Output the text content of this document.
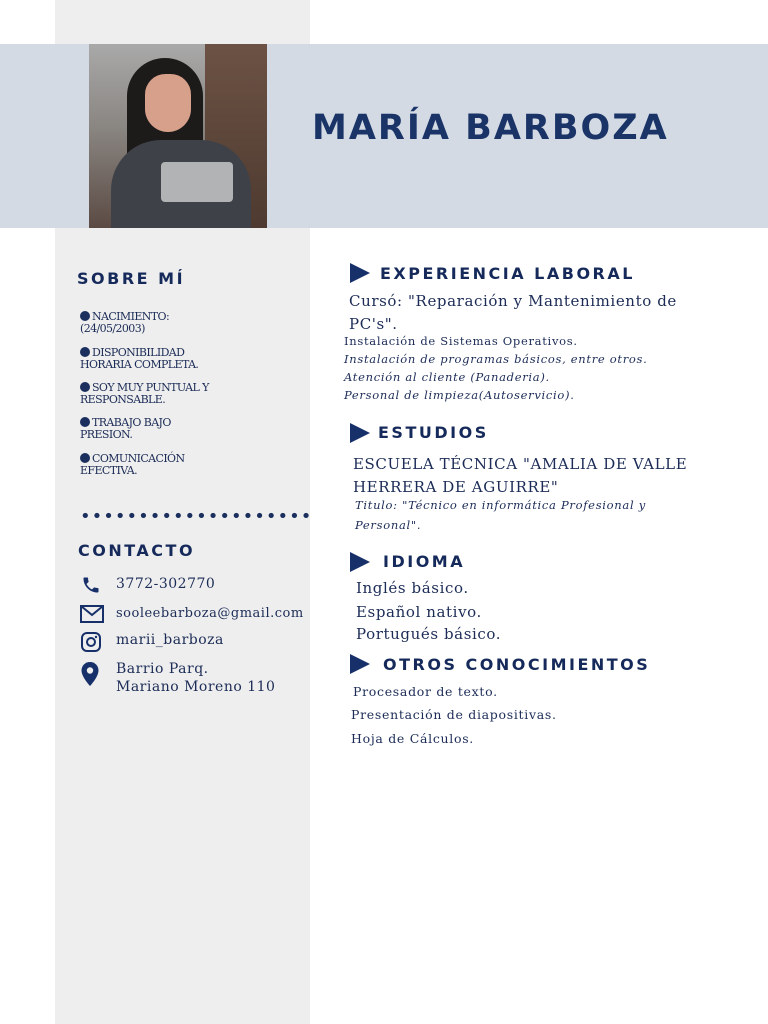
MARÍA BARBOZA
SOBRE MÍ
NACIMIENTO:
(24/05/2003)
DISPONIBILIDAD
HORARIA COMPLETA.
SOY MUY PUNTUAL Y
RESPONSABLE.
TRABAJO BAJO
PRESION.
COMUNICACIÓN
EFECTIVA.
••••••••••••••••••••
CONTACTO
3772-302770
sooleebarboza@gmail.com
marii_barboza
Barrio Parq.
Mariano Moreno 110
EXPERIENCIA LABORAL
Cursó: "Reparación y Mantenimiento de
PC's".
Instalación de Sistemas Operativos.
Instalación de programas básicos, entre otros.
Atención al cliente (Panaderia).
Personal de limpieza(Autoservicio).
ESTUDIOS
ESCUELA TÉCNICA "AMALIA DE VALLE
HERRERA DE AGUIRRE"
Titulo: "Técnico en informática Profesional y
Personal".
IDIOMA
Inglés básico.
Español nativo.
Portugués básico.
OTROS CONOCIMIENTOS
Procesador de texto.
Presentación de diapositivas.
Hoja de Cálculos.
